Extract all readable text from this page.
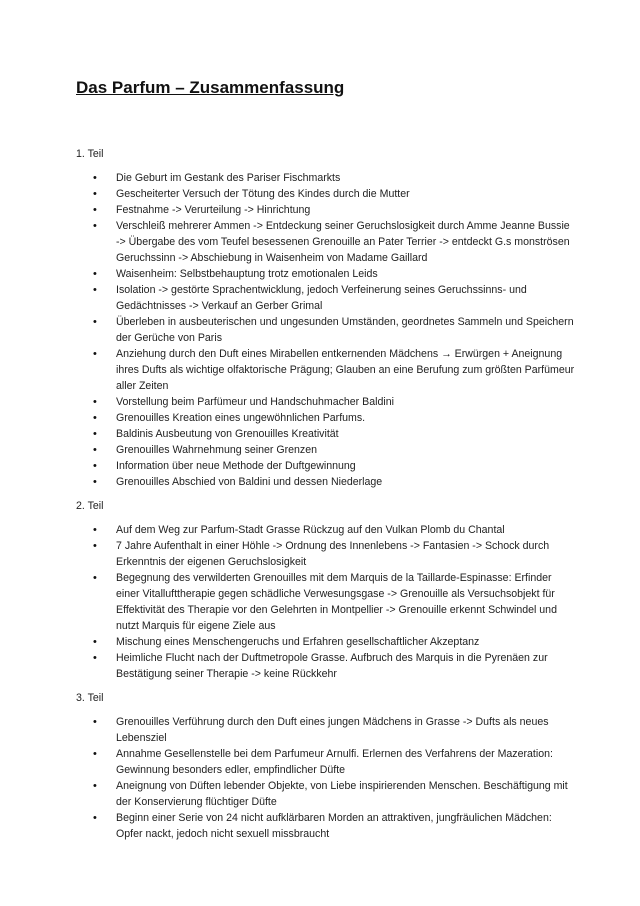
Das Parfum – Zusammenfassung
1. Teil
• Die Geburt im Gestank des Pariser Fischmarkts
• Gescheiterter Versuch der Tötung des Kindes durch die Mutter
• Festnahme -> Verurteilung -> Hinrichtung
• Verschleiß mehrerer Ammen -> Entdeckung seiner Geruchslosigkeit durch Amme Jeanne Bussie -> Übergabe des vom Teufel besessenen Grenouille an Pater Terrier -> entdeckt G.s monströsen Geruchssinn -> Abschiebung in Waisenheim von Madame Gaillard
• Waisenheim: Selbstbehauptung trotz emotionalen Leids
• Isolation -> gestörte Sprachentwicklung, jedoch Verfeinerung seines Geruchssinns- und Gedächtnisses -> Verkauf an Gerber Grimal
• Überleben in ausbeuterischen und ungesunden Umständen, geordnetes Sammeln und Speichern der Gerüche von Paris
• Anziehung durch den Duft eines Mirabellen entkernenden Mädchens → Erwürgen + Aneignung ihres Dufts als wichtige olfaktorische Prägung; Glauben an eine Berufung zum größten Parfümeur aller Zeiten
• Vorstellung beim Parfümeur und Handschuhmacher Baldini
• Grenouilles Kreation eines ungewöhnlichen Parfums.
• Baldinis Ausbeutung von Grenouilles Kreativität
• Grenouilles Wahrnehmung seiner Grenzen
• Information über neue Methode der Duftgewinnung
• Grenouilles Abschied von Baldini und dessen Niederlage
2. Teil
• Auf dem Weg zur Parfum-Stadt Grasse Rückzug auf den Vulkan Plomb du Chantal
• 7 Jahre Aufenthalt in einer Höhle -> Ordnung des Innenlebens -> Fantasien -> Schock durch Erkenntnis der eigenen Geruchslosigkeit
• Begegnung des verwilderten Grenouilles mit dem Marquis de la Taillarde-Espinasse: Erfinder einer Vitallufttherapie gegen schädliche Verwesungsgase -> Grenouille als Versuchsobjekt für Effektivität des Therapie vor den Gelehrten in Montpellier -> Grenouille erkennt Schwindel und nutzt Marquis für eigene Ziele aus
• Mischung eines Menschengeruchs und Erfahren gesellschaftlicher Akzeptanz
• Heimliche Flucht nach der Duftmetropole Grasse. Aufbruch des Marquis in die Pyrenäen zur Bestätigung seiner Therapie -> keine Rückkehr
3. Teil
• Grenouilles Verführung durch den Duft eines jungen Mädchens in Grasse -> Dufts als neues Lebensziel
• Annahme Gesellenstelle bei dem Parfumeur Arnulfi. Erlernen des Verfahrens der Mazeration: Gewinnung besonders edler, empfindlicher Düfte
• Aneignung von Düften lebender Objekte, von Liebe inspirierenden Menschen. Beschäftigung mit der Konservierung flüchtiger Düfte
• Beginn einer Serie von 24 nicht aufklärbaren Morden an attraktiven, jungfräulichen Mädchen: Opfer nackt, jedoch nicht sexuell missbraucht
